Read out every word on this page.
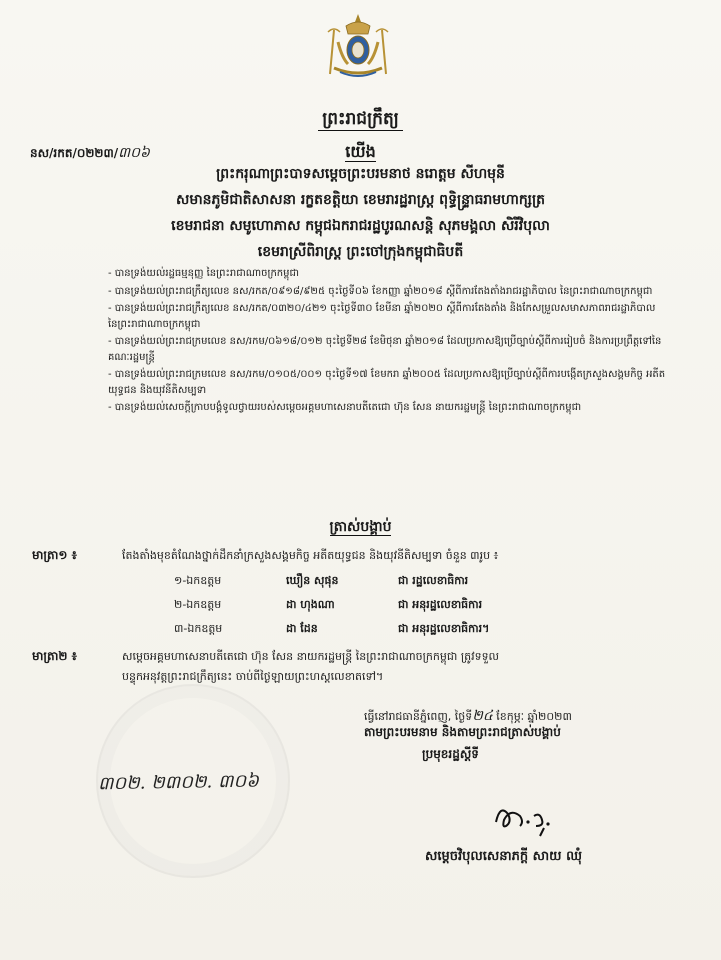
ព្រះរាជក្រឹត្យ
នស/រកត/០២២៣/៣០៦	យើង
ព្រះករុណាព្រះបាទសម្តេចព្រះបរមនាថ នរោត្តម សីហមុនី
សមានភូមិជាតិសាសនា រក្ខតខត្តិយា ខេមរារដ្ឋរាស្ត្រ ពុទ្ធិន្ទ្រាធរាមហាក្សត្រ
ខេមរាជនា សមូហោភាស កម្ពុជឯករាជរដ្ឋបូរណសន្តិ សុភមង្គលា សិរីវិបុលា
ខេមរាស្រីពិរាស្ត្រ ព្រះចៅក្រុងកម្ពុជាធិបតី
- បានទ្រង់យល់រដ្ឋធម្មនុញ្ញ នៃព្រះរាជាណាចក្រកម្ពុជា
- បានទ្រង់យល់ព្រះរាជក្រឹត្យលេខ នស/រកត/០៩១៨/៩២៥ ចុះថ្ងៃទី០៦ ខែកញ្ញា ឆ្នាំ២០១៨ ស្តីពីការតែងតាំងរាជរដ្ឋាភិបាល នៃព្រះរាជាណាចក្រកម្ពុជា
- បានទ្រង់យល់ព្រះរាជក្រឹត្យលេខ នស/រកត/០៣២០/៤២១ ចុះថ្ងៃទី៣០ ខែមីនា ឆ្នាំ២០២០ ស្តីពីការតែងតាំង និងកែសម្រួលសមាសភាពរាជរដ្ឋាភិបាល នៃព្រះរាជាណាចក្រកម្ពុជា
- បានទ្រង់យល់ព្រះរាជក្រមលេខ នស/រកម/០៦១៨/០១២ ចុះថ្ងៃទី២៨ ខែមិថុនា ឆ្នាំ២០១៨ ដែលប្រកាសឱ្យប្រើច្បាប់ស្តីពីការរៀបចំ និងការប្រព្រឹត្តទៅនៃគណៈរដ្ឋមន្ត្រី
- បានទ្រង់យល់ព្រះរាជក្រមលេខ នស/រកម/០១០៥/០០១ ចុះថ្ងៃទី១៧ ខែមករា ឆ្នាំ២០០៥ ដែលប្រកាសឱ្យប្រើច្បាប់ស្តីពីការបង្កើតក្រសួងសង្គមកិច្ច អតីតយុទ្ធជន និងយុវនីតិសម្បទា
- បានទ្រង់យល់សេចក្តីក្រាបបង្គំទូលថ្វាយរបស់សម្តេចអគ្គមហាសេនាបតីតេជោ ហ៊ុន សែន នាយករដ្ឋមន្ត្រី នៃព្រះរាជាណាចក្រកម្ពុជា
ត្រាស់បង្គាប់
មាត្រា១ ៖	តែងតាំងមុខតំណែងថ្នាក់ដឹកនាំក្រសួងសង្គមកិច្ច អតីតយុទ្ធជន និងយុវនីតិសម្បទា ចំនួន ៣រូប ៖
១-ឯកឧត្តម	ឃឿន សុផុន	ជា រដ្ឋលេខាធិការ
២-ឯកឧត្តម	ដា ហុងណា	ជា អនុរដ្ឋលេខាធិការ
៣-ឯកឧត្តម	ដា ដែន	ជា អនុរដ្ឋលេខាធិការ។
មាត្រា២ ៖	សម្តេចអគ្គមហាសេនាបតីតេជោ ហ៊ុន សែន នាយករដ្ឋមន្ត្រី នៃព្រះរាជាណាចក្រកម្ពុជា ត្រូវទទួល
បន្ទុកអនុវត្តព្រះរាជក្រឹត្យនេះ ចាប់ពីថ្ងៃឡាយព្រះហស្តលេខាតទៅ។
ធ្វើនៅរាជធានីភ្នំពេញ, ថ្ងៃទី២៤ ខែកុម្ភៈ ឆ្នាំ២០២៣
តាមព្រះបរមនាម និងតាមព្រះរាជត្រាស់បង្គាប់
ប្រមុខរដ្ឋស្តីទី
៣០២. ២៣០២. ៣០៦
សម្តេចវិបុលសេនាភក្តី សាយ ឈុំ
